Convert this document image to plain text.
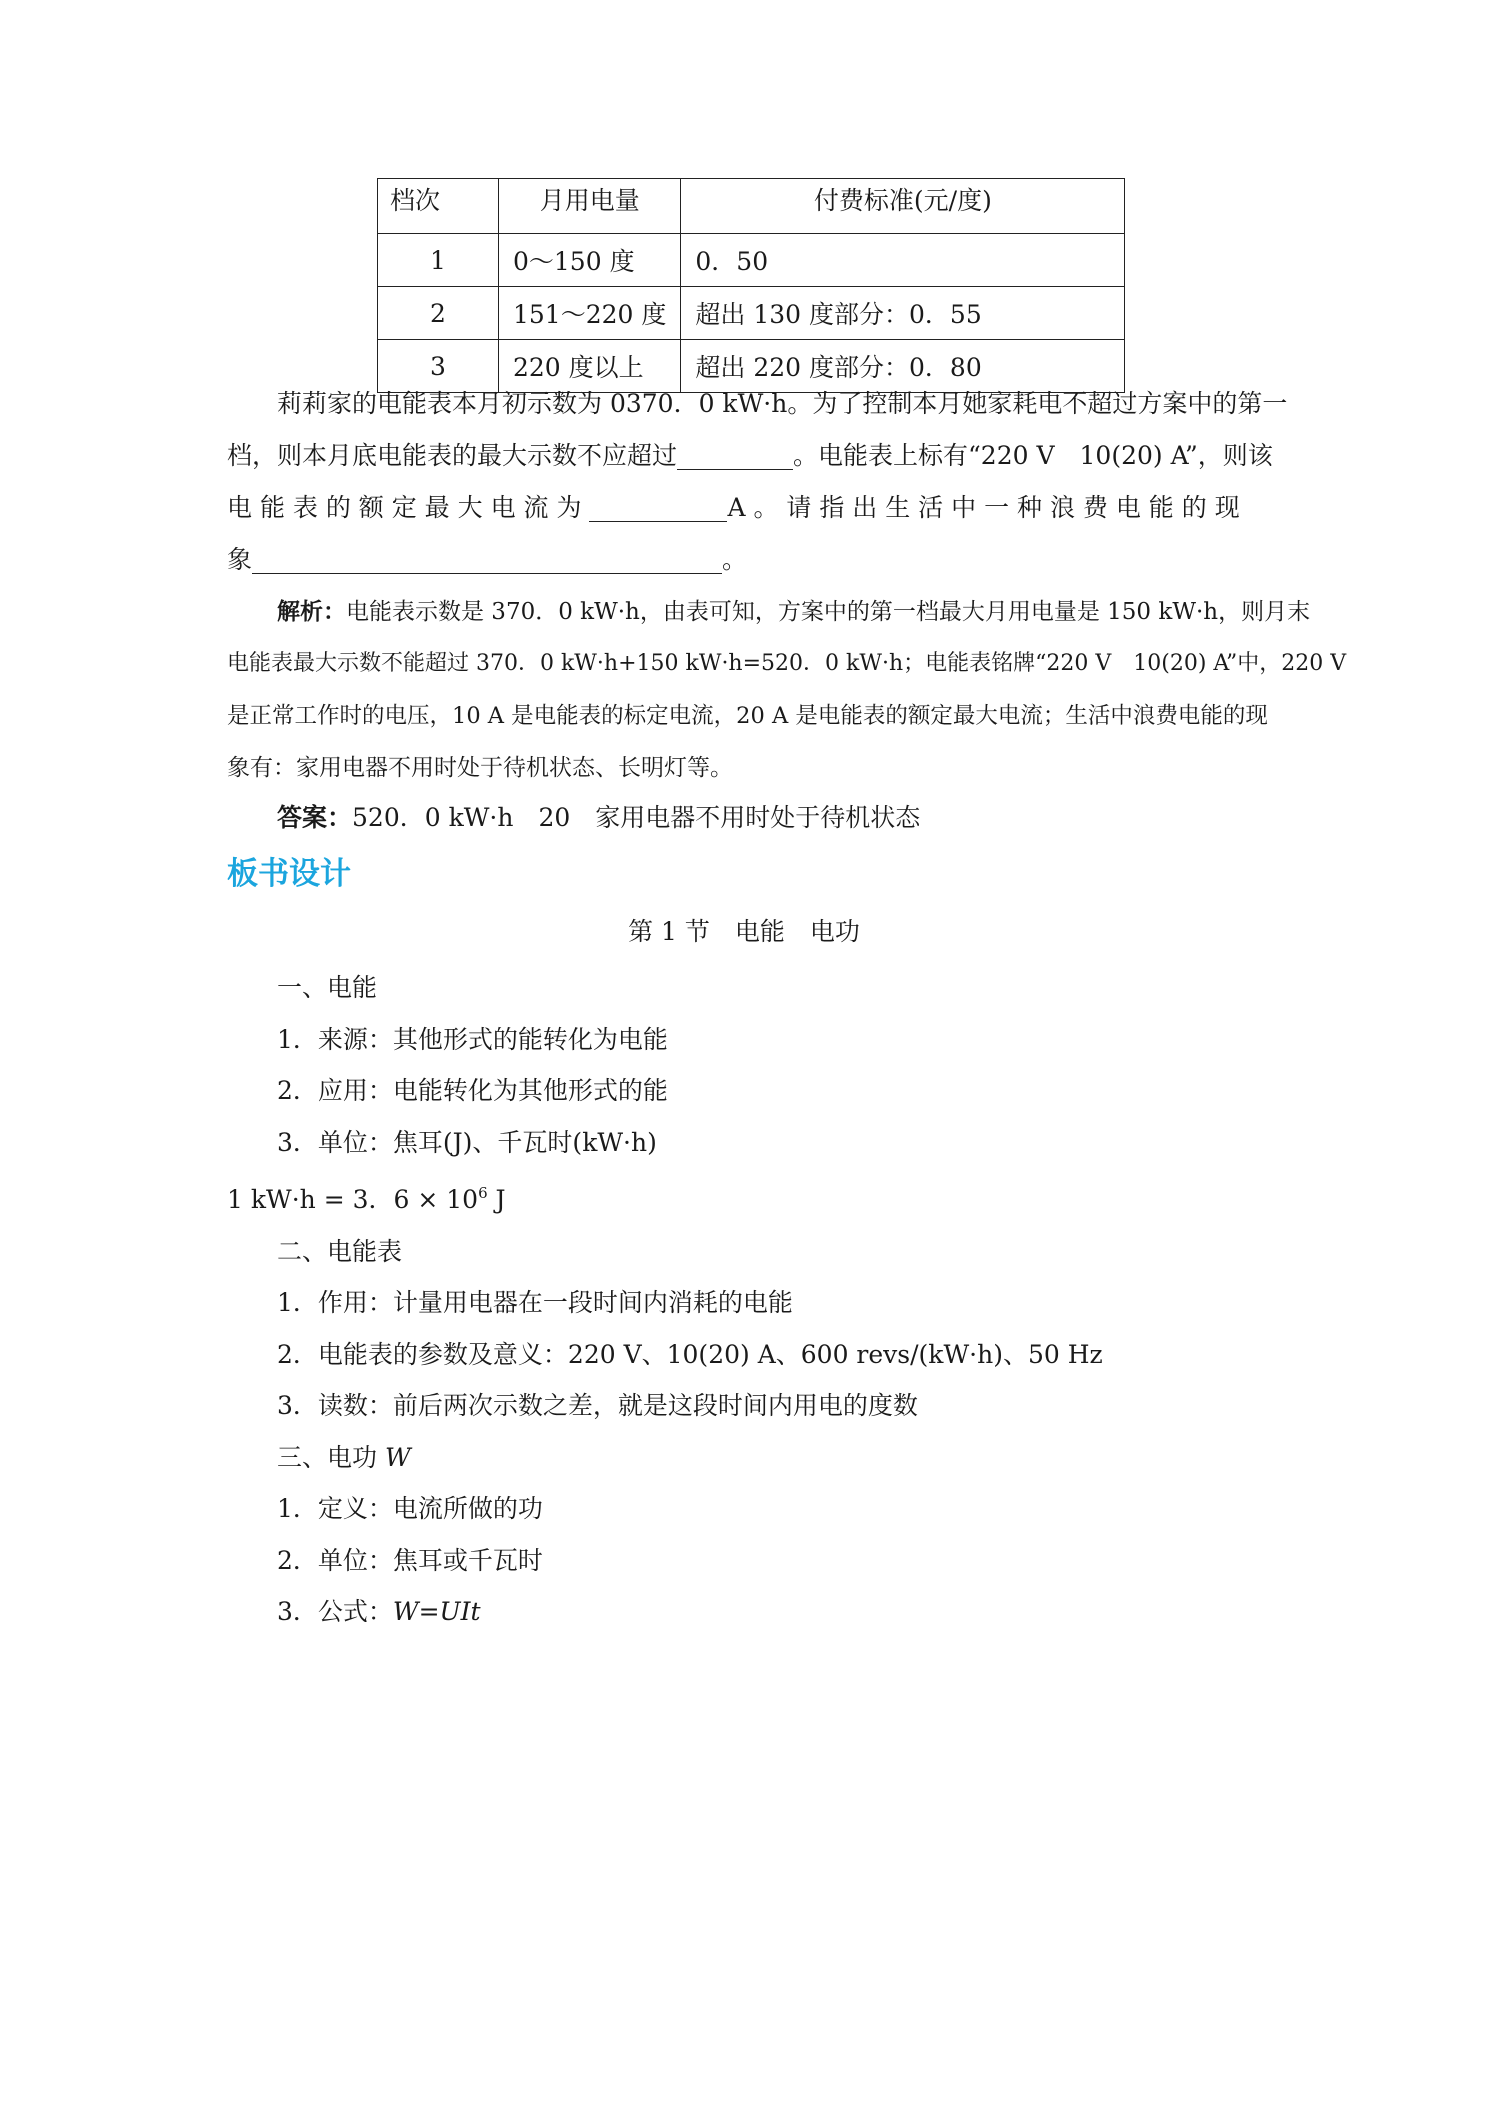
档次	月用电量	付费标准(元/度)
1	0～150 度	0．50
2	151～220 度	超出 130 度部分：0．55
3	220 度以上	超出 220 度部分：0．80
莉莉家的电能表本月初示数为 0370．0 kW·h。为了控制本月她家耗电不超过方案中的第一
档，则本月底电能表的最大示数不应超过	。电能表上标有“220 V　10(20) A”，则该
电 能 表 的 额 定 最 大 电 流 为	A 。 请 指 出 生 活 中 一 种 浪 费 电 能 的 现
象	。
解析：电能表示数是 370．0 kW·h，由表可知，方案中的第一档最大月用电量是 150 kW·h，则月末
电能表最大示数不能超过 370．0 kW·h+150 kW·h=520．0 kW·h；电能表铭牌“220 V　10(20) A”中，220 V
是正常工作时的电压，10 A 是电能表的标定电流，20 A 是电能表的额定最大电流；生活中浪费电能的现
象有：家用电器不用时处于待机状态、长明灯等。
答案：520．0 kW·h　20　家用电器不用时处于待机状态
板书设计
第 1 节　电能　电功
一、电能
1．来源：其他形式的能转化为电能
2．应用：电能转化为其他形式的能
3．单位：焦耳(J)、千瓦时(kW·h)
1 kW·h = 3．$6 \times 10^6$ J
二、电能表
1．作用：计量用电器在一段时间内消耗的电能
2．电能表的参数及意义：220 V、10(20) A、600 revs/(kW·h)、50 Hz
3．读数：前后两次示数之差，就是这段时间内用电的度数
三、电功 W
1．定义：电流所做的功
2．单位：焦耳或千瓦时
3．公式：W=UIt
